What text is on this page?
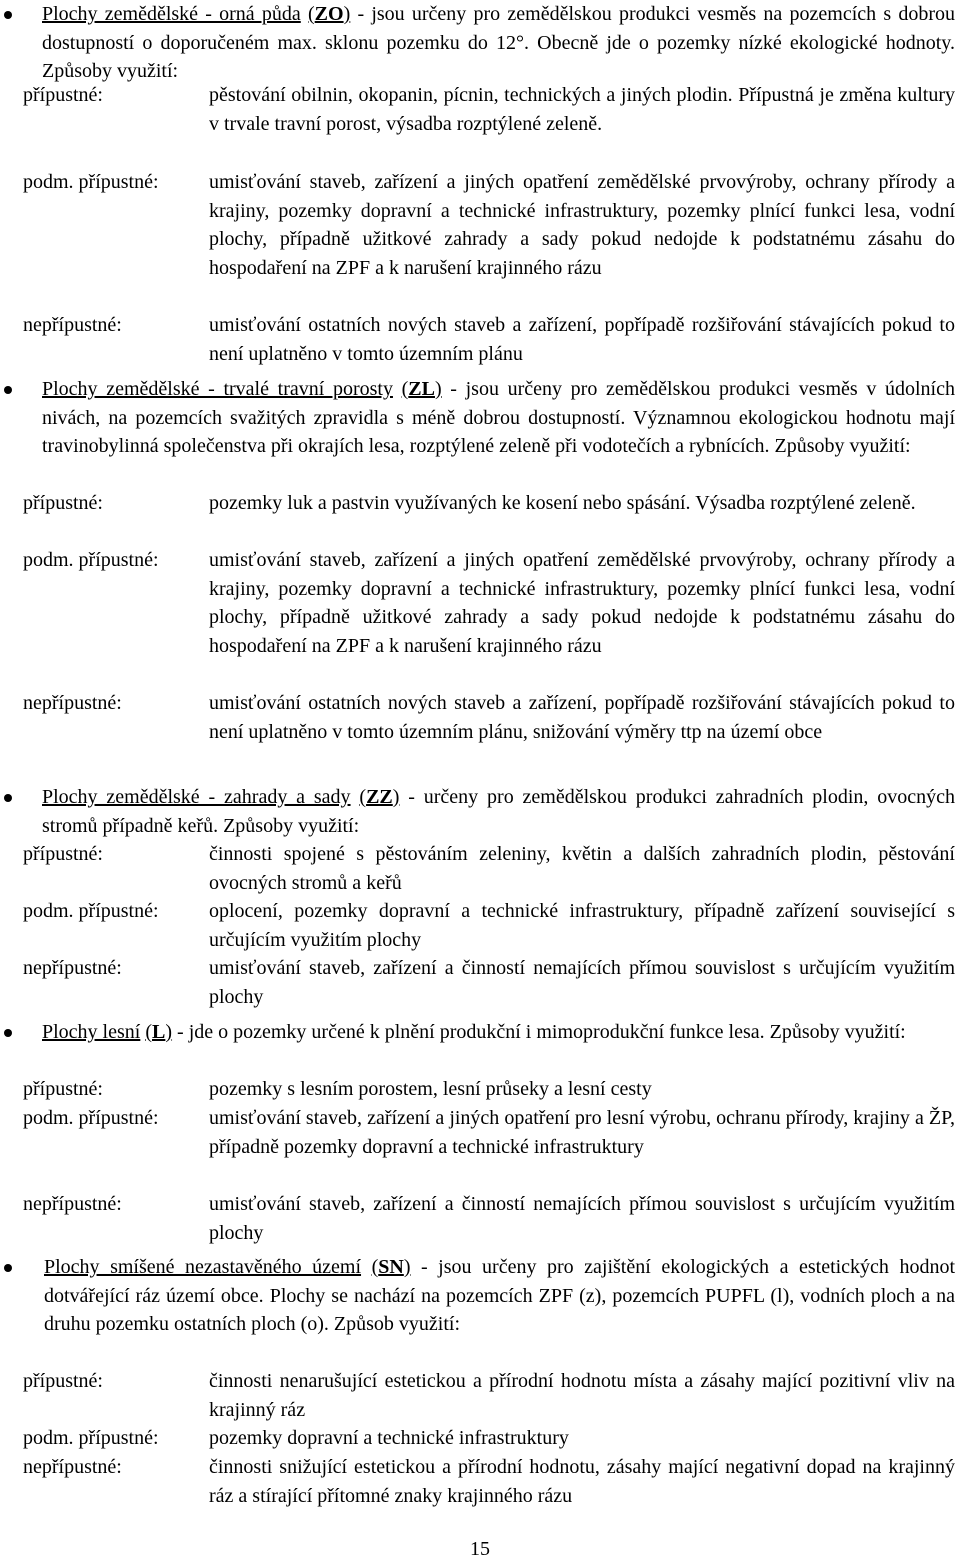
Plochy zemědělské - orná půda (ZO) - jsou určeny pro zemědělskou produkci vesměs na pozemcích s dobrou dostupností o doporučeném max. sklonu pozemku do 12°. Obecně jde o pozemky nízké ekologické hodnoty. Způsoby využití:
přípustné:	pěstování obilnin, okopanin, pícnin, technických a jiných plodin. Přípustná je změna kultury v trvale travní porost, výsadba rozptýlené zeleně.
podm. přípustné:	umisťování staveb, zařízení a jiných opatření zemědělské prvovýroby, ochrany přírody a krajiny, pozemky dopravní a technické infrastruktury, pozemky plnící funkci lesa, vodní plochy, případně užitkové zahrady a sady pokud nedojde k podstatnému zásahu do hospodaření na ZPF a k narušení krajinného rázu
nepřípustné:	umisťování ostatních nových staveb a zařízení, popřípadě rozšiřování stávajících pokud to není uplatněno v tomto územním plánu
Plochy zemědělské - trvalé travní porosty (ZL) - jsou určeny pro zemědělskou produkci vesměs v údolních nivách, na pozemcích svažitých zpravidla s méně dobrou dostupností. Významnou ekologickou hodnotu mají travinobylinná společenstva při okrajích lesa, rozptýlené zeleně při vodotečích a rybnících. Způsoby využití:
přípustné:	pozemky luk a pastvin využívaných ke kosení nebo spásání. Výsadba rozptýlené zeleně.
podm. přípustné:	umisťování staveb, zařízení a jiných opatření zemědělské prvovýroby, ochrany přírody a krajiny, pozemky dopravní a technické infrastruktury, pozemky plnící funkci lesa, vodní plochy, případně užitkové zahrady a sady pokud nedojde k podstatnému zásahu do hospodaření na ZPF a k narušení krajinného rázu
nepřípustné:	umisťování ostatních nových staveb a zařízení, popřípadě rozšiřování stávajících pokud to není uplatněno v tomto územním plánu, snižování výměry ttp na území obce
Plochy zemědělské - zahrady a sady (ZZ) - určeny pro zemědělskou produkci zahradních plodin, ovocných stromů případně keřů. Způsoby využití:
přípustné:	činnosti spojené s pěstováním zeleniny, květin a dalších zahradních plodin, pěstování ovocných stromů a keřů
podm. přípustné:	oplocení, pozemky dopravní a technické infrastruktury, případně zařízení související s určujícím využitím plochy
nepřípustné:	umisťování staveb, zařízení a činností nemajících přímou souvislost s určujícím využitím plochy
Plochy lesní (L) - jde o pozemky určené k plnění produkční i mimoprodukční funkce lesa. Způsoby využití:
přípustné:	pozemky s lesním porostem, lesní průseky a lesní cesty
podm. přípustné:	umisťování staveb, zařízení a jiných opatření pro lesní výrobu, ochranu přírody, krajiny a ŽP, případně pozemky dopravní a technické infrastruktury
nepřípustné:	umisťování staveb, zařízení a činností nemajících přímou souvislost s určujícím využitím plochy
Plochy smíšené nezastavěného území (SN) - jsou určeny pro zajištění ekologických a estetických hodnot dotvářející ráz území obce. Plochy se nachází na pozemcích ZPF (z), pozemcích PUPFL (l), vodních ploch a na druhu pozemku ostatních ploch (o). Způsob využití:
přípustné:	činnosti nenarušující estetickou a přírodní hodnotu místa a zásahy mající pozitivní vliv na krajinný ráz
podm. přípustné:	pozemky dopravní a technické infrastruktury
nepřípustné:	činnosti snižující estetickou a přírodní hodnotu, zásahy mající negativní dopad na krajinný ráz a stírající přítomné znaky krajinného rázu
15
